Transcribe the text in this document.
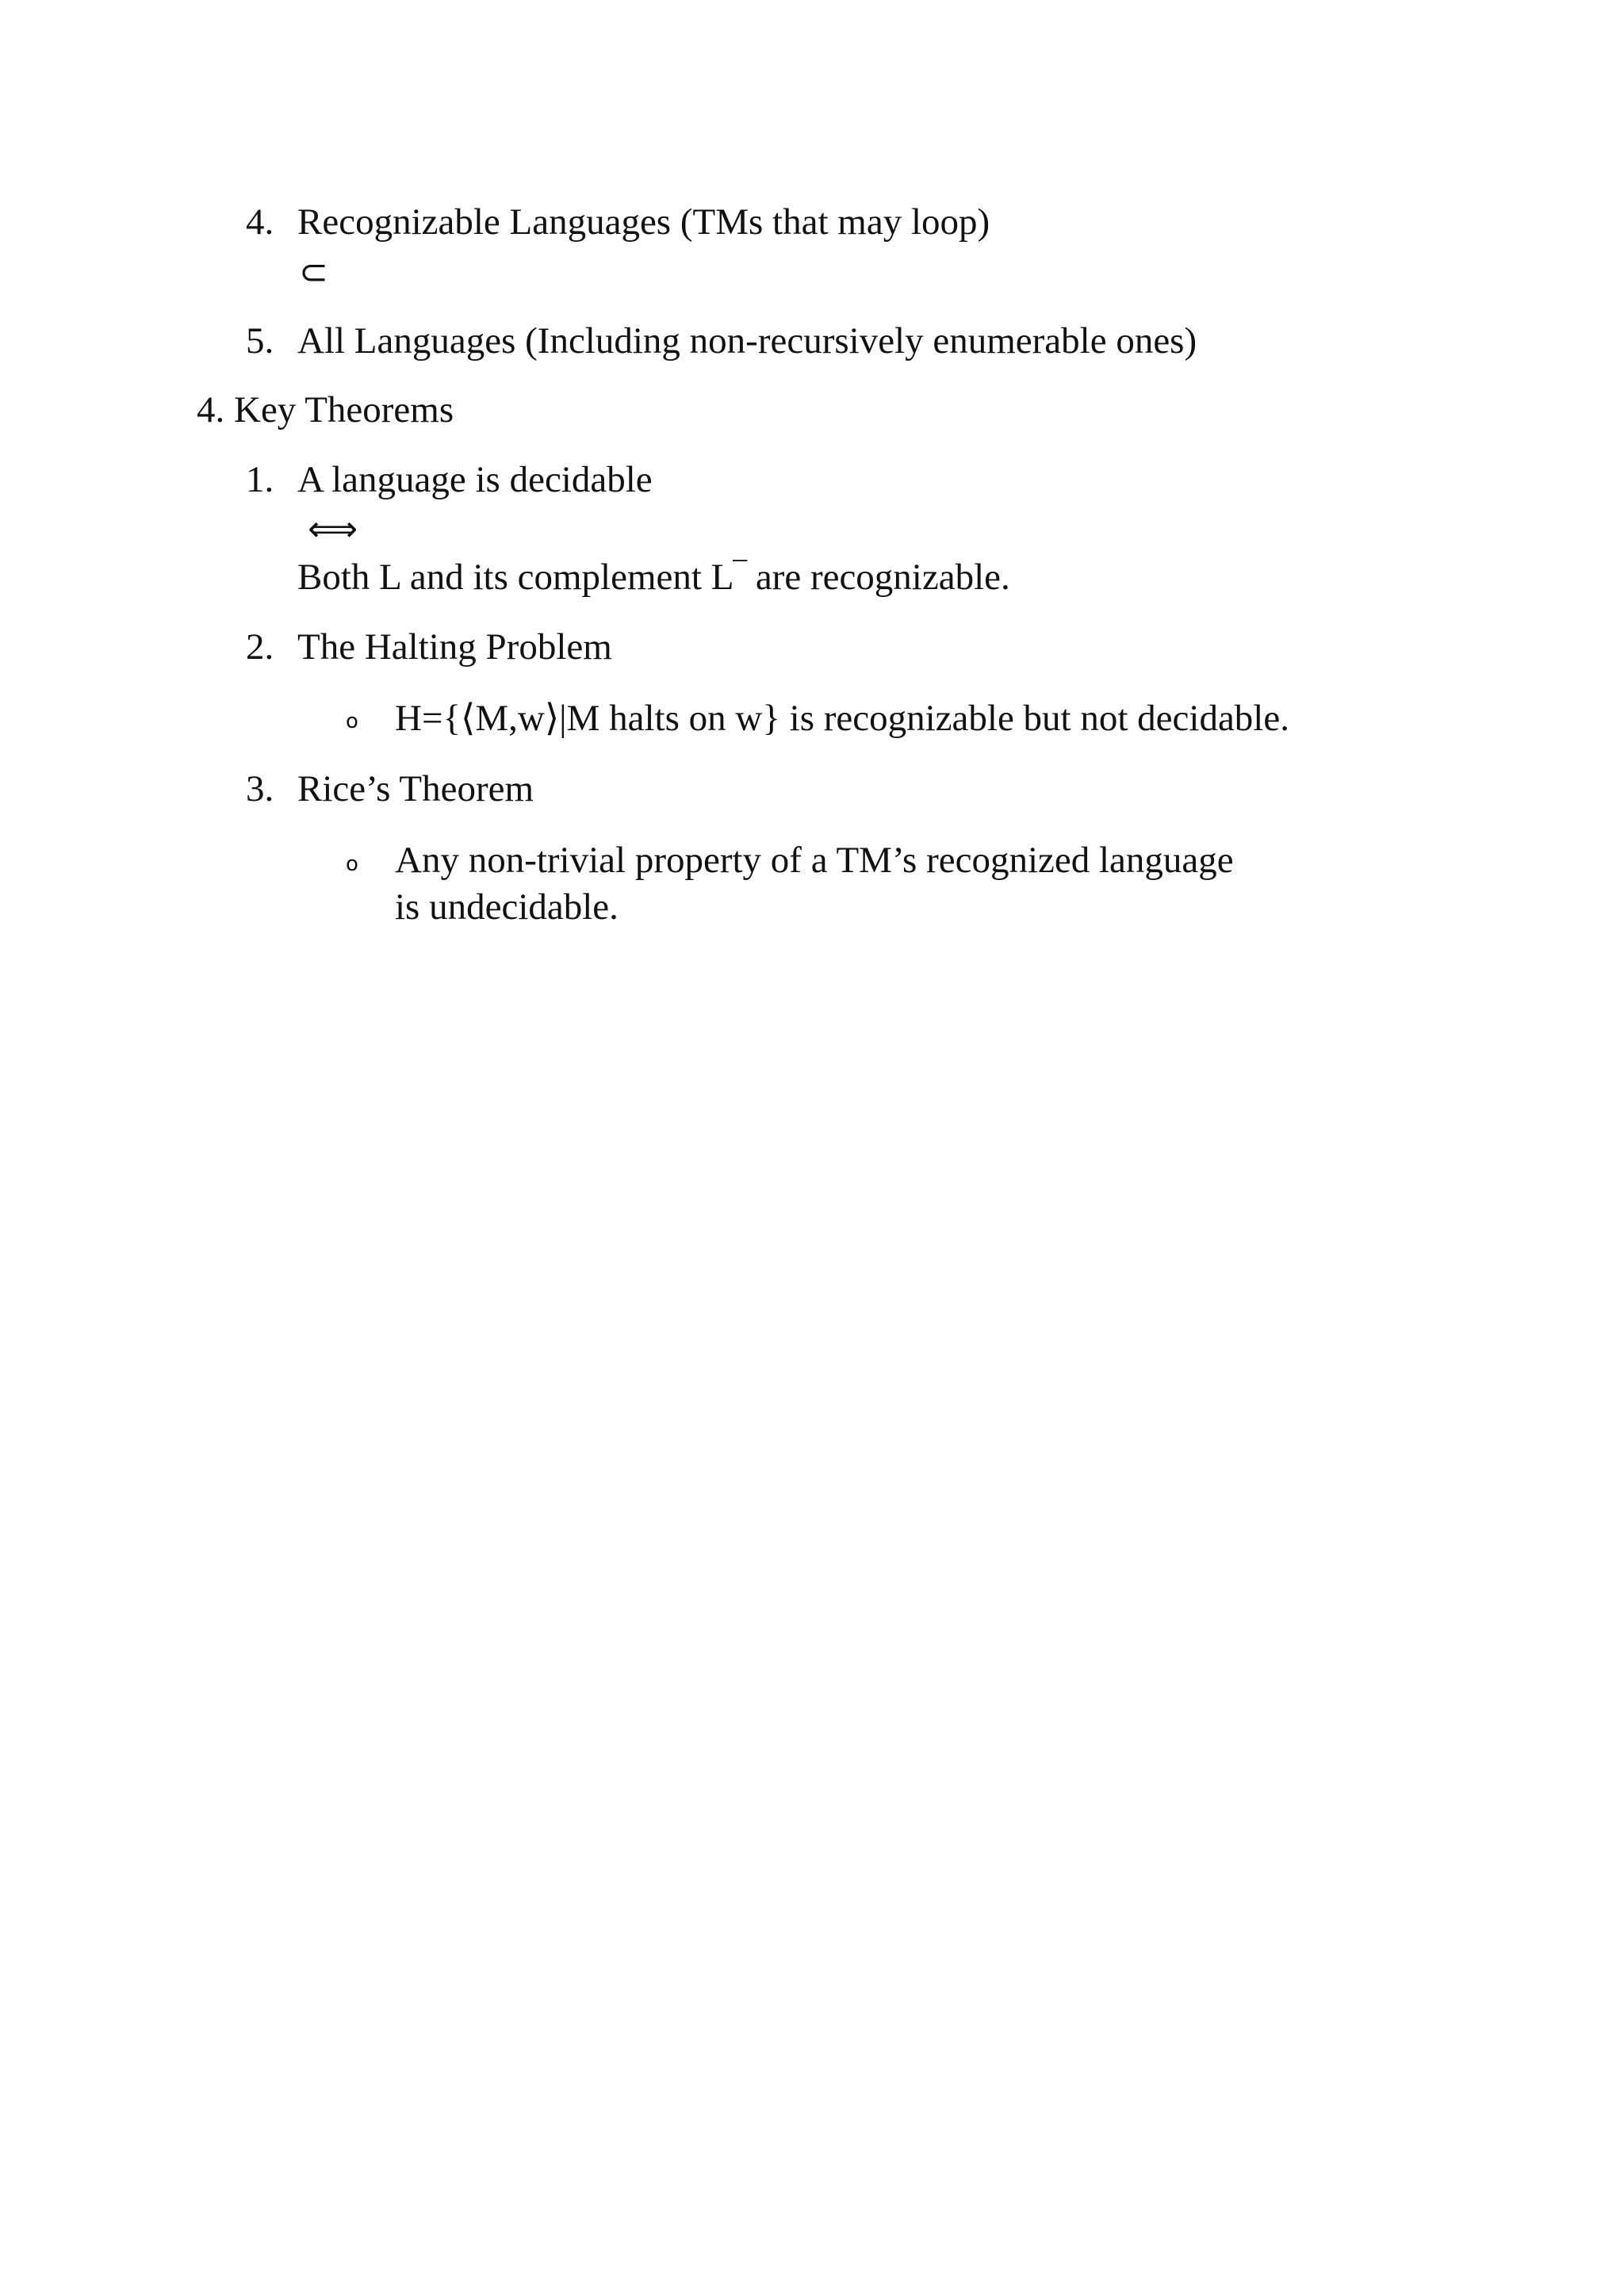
4. Recognizable Languages (TMs that may loop)
⊂
5. All Languages (Including non-recursively enumerable ones)
4. Key Theorems
1. A language is decidable
⟺
Both L and its complement L‾ are recognizable.
2. The Halting Problem
o H={⟨M,w⟩|M halts on w} is recognizable but not decidable.
3. Rice’s Theorem
o Any non-trivial property of a TM’s recognized language
is undecidable.
